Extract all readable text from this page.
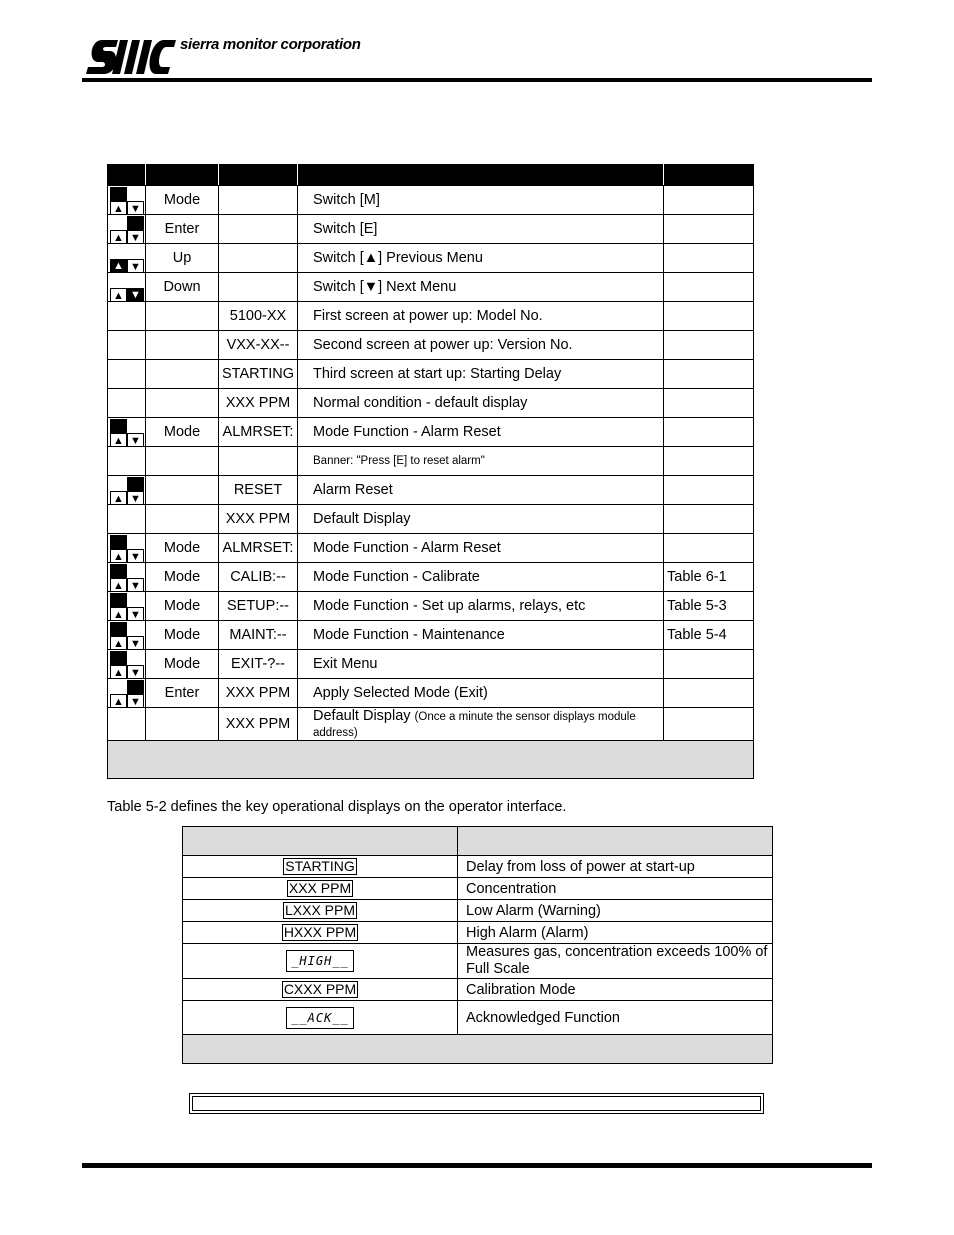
sierra monitor corporation

▲ ▼	Mode		Switch [M]	

▲ ▼	Enter		Switch [E]	

▲ ▼	Up		Switch [▲] Previous Menu	

▲ ▼	Down		Switch [▼] Next Menu	
		5100-XX	First screen at power up: Model No.	
		VXX-XX--	Second screen at power up: Version No.	
		STARTING	Third screen at start up: Starting Delay	
		XXX PPM	Normal condition - default display	

▲ ▼	Mode	ALMRSET:	Mode Function - Alarm Reset	
			Banner: "Press [E] to reset alarm"	

▲ ▼		RESET	Alarm Reset	
		XXX PPM	Default Display	

▲ ▼	Mode	ALMRSET:	Mode Function - Alarm Reset	

▲ ▼	Mode	CALIB:--	Mode Function - Calibrate	Table 6-1

▲ ▼	Mode	SETUP:--	Mode Function - Set up alarms, relays, etc	Table 5-3

▲ ▼	Mode	MAINT:--	Mode Function - Maintenance	Table 5-4

▲ ▼	Mode	EXIT-?--	Exit Menu	

▲ ▼	Enter	XXX PPM	Apply Selected Mode (Exit)	
		XXX PPM	Default Display (Once a minute the sensor displays module address)	

Table 5-2 defines the key operational displays on the operator interface.

STARTING	Delay from loss of power at start-up
XXX PPM	Concentration
LXXX PPM	Low Alarm (Warning)
HXXX PPM	High Alarm (Alarm)
_HIGH__	Measures gas, concentration exceeds 100% of Full Scale
CXXX PPM	Calibration Mode
__ACK__	Acknowledged Function
